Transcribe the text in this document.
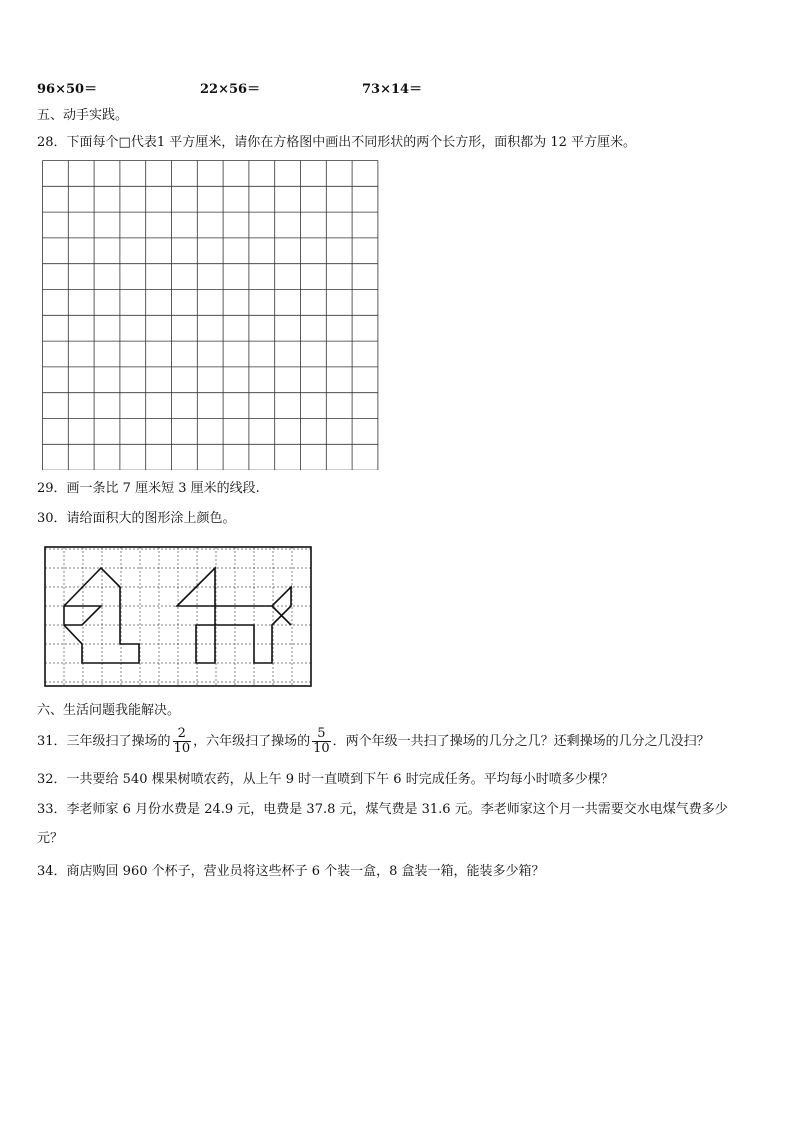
96×50＝	22×56＝	73×14＝
五、动手实践。
28．下面每个□代表1 平方厘米，请你在方格图中画出不同形状的两个长方形，面积都为 12 平方厘米。
29．画一条比 7 厘米短 3 厘米的线段.
30．请给面积大的图形涂上颜色。
六、生活问题我能解决。
31．三年级扫了操场的 $\frac{2}{10}$ ，六年级扫了操场的 $\frac{5}{10}$ ．两个年级一共扫了操场的几分之几？还剩操场的几分之几没扫？
32．一共要给 540 棵果树喷农药，从上午 9 时一直喷到下午 6 时完成任务。平均每小时喷多少棵？
33．李老师家 6 月份水费是 24.9 元，电费是 37.8 元，煤气费是 31.6 元。李老师家这个月一共需要交水电煤气费多少
元？
34．商店购回 960 个杯子，营业员将这些杯子 6 个装一盒，8 盒装一箱，能装多少箱？
